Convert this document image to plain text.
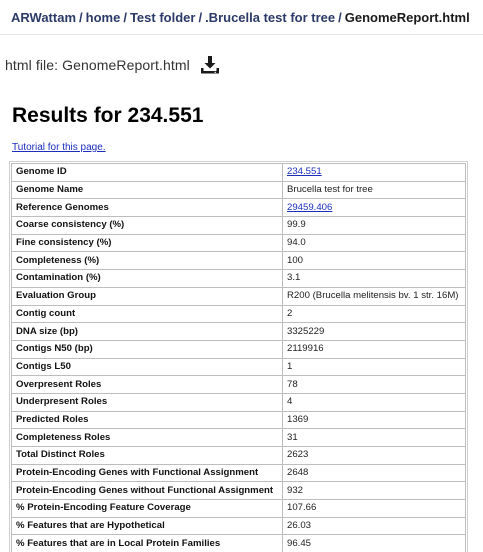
ARWattam / home / Test folder / .Brucella test for tree / GenomeReport.html
html file: GenomeReport.html
Results for 234.551
Tutorial for this page.
Genome ID	234.551
Genome Name	Brucella test for tree
Reference Genomes	29459.406
Coarse consistency (%)	99.9
Fine consistency (%)	94.0
Completeness (%)	100
Contamination (%)	3.1
Evaluation Group	R200 (Brucella melitensis bv. 1 str. 16M)
Contig count	2
DNA size (bp)	3325229
Contigs N50 (bp)	2119916
Contigs L50	1
Overpresent Roles	78
Underpresent Roles	4
Predicted Roles	1369
Completeness Roles	31
Total Distinct Roles	2623
Protein-Encoding Genes with Functional Assignment	2648
Protein-Encoding Genes without Functional Assignment	932
% Protein-Encoding Feature Coverage	107.66
% Features that are Hypothetical	26.03
% Features that are in Local Protein Families	96.45
